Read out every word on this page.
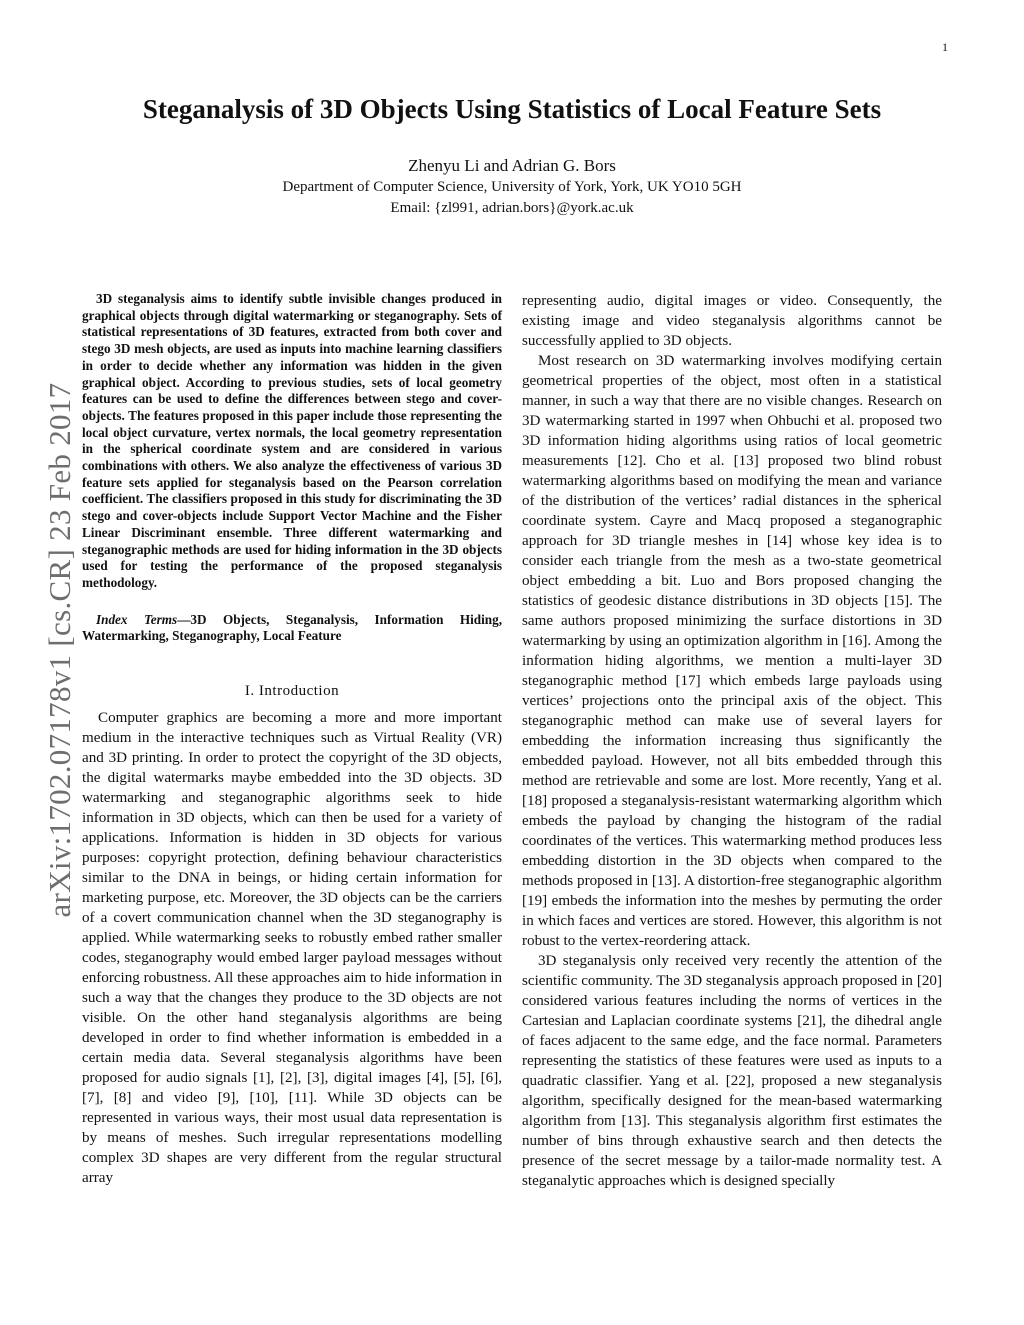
1
arXiv:1702.07178v1 [cs.CR] 23 Feb 2017
Steganalysis of 3D Objects Using Statistics of Local Feature Sets
Zhenyu Li and Adrian G. Bors
Department of Computer Science, University of York, York, UK YO10 5GH
Email: {zl991, adrian.bors}@york.ac.uk

3D steganalysis aims to identify subtle invisible changes produced in graphical objects through digital watermarking or steganography. Sets of statistical representations of 3D features, extracted from both cover and stego 3D mesh objects, are used as inputs into machine learning classifiers in order to decide whether any information was hidden in the given graphical object. According to previous studies, sets of local geometry features can be used to define the differences between stego and cover-objects. The features proposed in this paper include those representing the local object curvature, vertex normals, the local geometry representation in the spherical coordinate system and are considered in various combinations with others. We also analyze the effectiveness of various 3D feature sets applied for steganalysis based on the Pearson correlation coefficient. The classifiers proposed in this study for discriminating the 3D stego and cover-objects include Support Vector Machine and the Fisher Linear Discriminant ensemble. Three different watermarking and steganographic methods are used for hiding information in the 3D objects used for testing the performance of the proposed steganalysis methodology.

Index Terms—3D Objects, Steganalysis, Information Hiding, Watermarking, Steganography, Local Feature

I. Introduction

Computer graphics are becoming a more and more important medium in the interactive techniques such as Virtual Reality (VR) and 3D printing. In order to protect the copyright of the 3D objects, the digital watermarks maybe embedded into the 3D objects. 3D watermarking and steganographic algorithms seek to hide information in 3D objects, which can then be used for a variety of applications. Information is hidden in 3D objects for various purposes: copyright protection, defining behaviour characteristics similar to the DNA in beings, or hiding certain information for marketing purpose, etc. Moreover, the 3D objects can be the carriers of a covert communication channel when the 3D steganography is applied. While watermarking seeks to robustly embed rather smaller codes, steganography would embed larger payload messages without enforcing robustness. All these approaches aim to hide information in such a way that the changes they produce to the 3D objects are not visible. On the other hand steganalysis algorithms are being developed in order to find whether information is embedded in a certain media data. Several steganalysis algorithms have been proposed for audio signals [1], [2], [3], digital images [4], [5], [6], [7], [8] and video [9], [10], [11]. While 3D objects can be represented in various ways, their most usual data representation is by means of meshes. Such irregular representations modelling complex 3D shapes are very different from the regular structural array

representing audio, digital images or video. Consequently, the existing image and video steganalysis algorithms cannot be successfully applied to 3D objects.

Most research on 3D watermarking involves modifying certain geometrical properties of the object, most often in a statistical manner, in such a way that there are no visible changes. Research on 3D watermarking started in 1997 when Ohbuchi et al. proposed two 3D information hiding algorithms using ratios of local geometric measurements [12]. Cho et al. [13] proposed two blind robust watermarking algorithms based on modifying the mean and variance of the distribution of the vertices’ radial distances in the spherical coordinate system. Cayre and Macq proposed a steganographic approach for 3D triangle meshes in [14] whose key idea is to consider each triangle from the mesh as a two-state geometrical object embedding a bit. Luo and Bors proposed changing the statistics of geodesic distance distributions in 3D objects [15]. The same authors proposed minimizing the surface distortions in 3D watermarking by using an optimization algorithm in [16]. Among the information hiding algorithms, we mention a multi-layer 3D steganographic method [17] which embeds large payloads using vertices’ projections onto the principal axis of the object. This steganographic method can make use of several layers for embedding the information increasing thus significantly the embedded payload. However, not all bits embedded through this method are retrievable and some are lost. More recently, Yang et al. [18] proposed a steganalysis-resistant watermarking algorithm which embeds the payload by changing the histogram of the radial coordinates of the vertices. This watermarking method produces less embedding distortion in the 3D objects when compared to the methods proposed in [13]. A distortion-free steganographic algorithm [19] embeds the information into the meshes by permuting the order in which faces and vertices are stored. However, this algorithm is not robust to the vertex-reordering attack.

3D steganalysis only received very recently the attention of the scientific community. The 3D steganalysis approach proposed in [20] considered various features including the norms of vertices in the Cartesian and Laplacian coordinate systems [21], the dihedral angle of faces adjacent to the same edge, and the face normal. Parameters representing the statistics of these features were used as inputs to a quadratic classifier. Yang et al. [22], proposed a new steganalysis algorithm, specifically designed for the mean-based watermarking algorithm from [13]. This steganalysis algorithm first estimates the number of bins through exhaustive search and then detects the presence of the secret message by a tailor-made normality test. A steganalytic approaches which is designed specially
